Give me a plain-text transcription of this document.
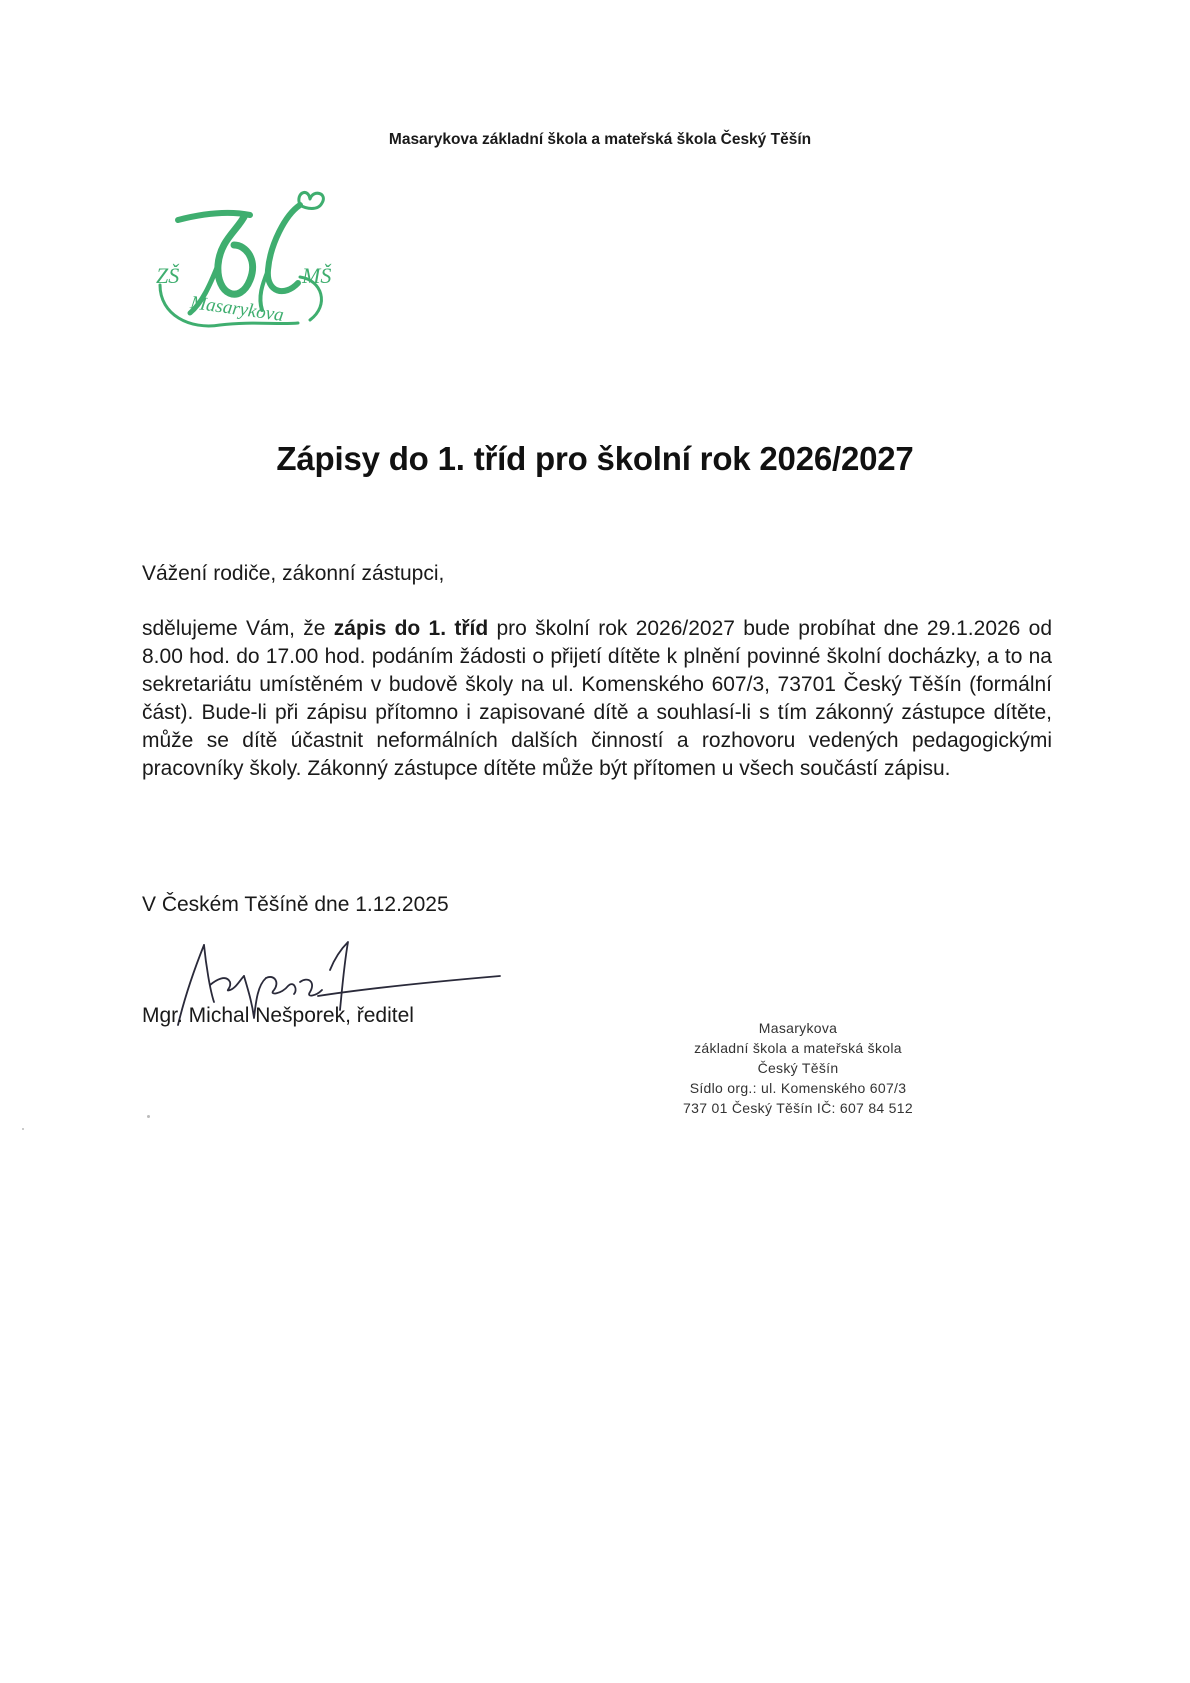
Masarykova základní škola a mateřská škola Český Těšín
ZŠ	MŠ
Masarykova
Zápisy do 1. tříd pro školní rok 2026/2027
Vážení rodiče, zákonní zástupci,
sdělujeme Vám, že zápis do 1. tříd pro školní rok 2026/2027 bude probíhat dne 29.1.2026 od 8.00 hod. do 17.00 hod. podáním žádosti o přijetí dítěte k plnění povinné školní docházky, a to na sekretariátu umístěném v budově školy na ul. Komenského 607/3, 73701 Český Těšín (formální část). Bude-li při zápisu přítomno i zapisované dítě a souhlasí-li s tím zákonný zástupce dítěte, může se dítě účastnit neformálních dalších činností a rozhovoru vedených pedagogickými pracovníky školy. Zákonný zástupce dítěte může být přítomen u všech součástí zápisu.
V Českém Těšíně dne 1.12.2025
Mgr. Michal Nešporek, ředitel
Masarykova
základní škola a mateřská škola
Český Těšín
Sídlo org.: ul. Komenského 607/3
737 01 Český Těšín IČ: 607 84 512
